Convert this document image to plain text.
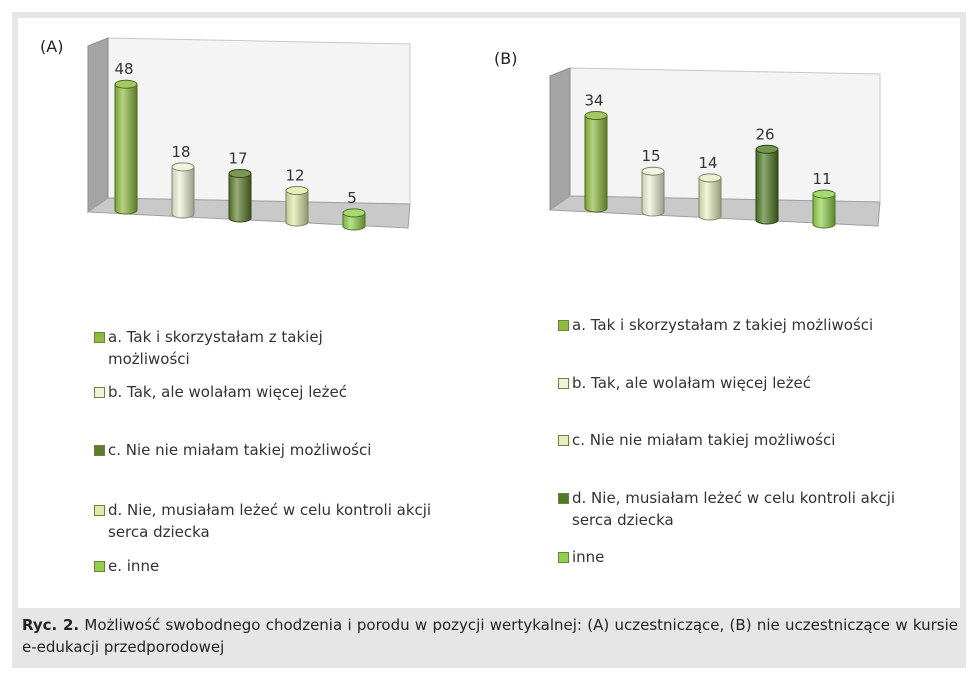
(A)
48
18	17
12
5
(B)
34
15	14
26
11
a. Tak i skorzystałam z takiej możliwości
b. Tak, ale wolałam więcej leżeć
c. Nie nie miałam takiej możliwości
d. Nie, musiałam leżeć w celu kontroli akcji serca dziecka
e. inne
a. Tak i skorzystałam z takiej możliwości
b. Tak, ale wolałam więcej leżeć
c. Nie nie miałam takiej możliwości
d. Nie, musiałam leżeć w celu kontroli akcji serca dziecka
inne
Ryc. 2. Możliwość swobodnego chodzenia i porodu w pozycji wertykalnej: (A) uczestniczące, (B) nie uczestniczące w kursie e-edukacji przedporodowej
